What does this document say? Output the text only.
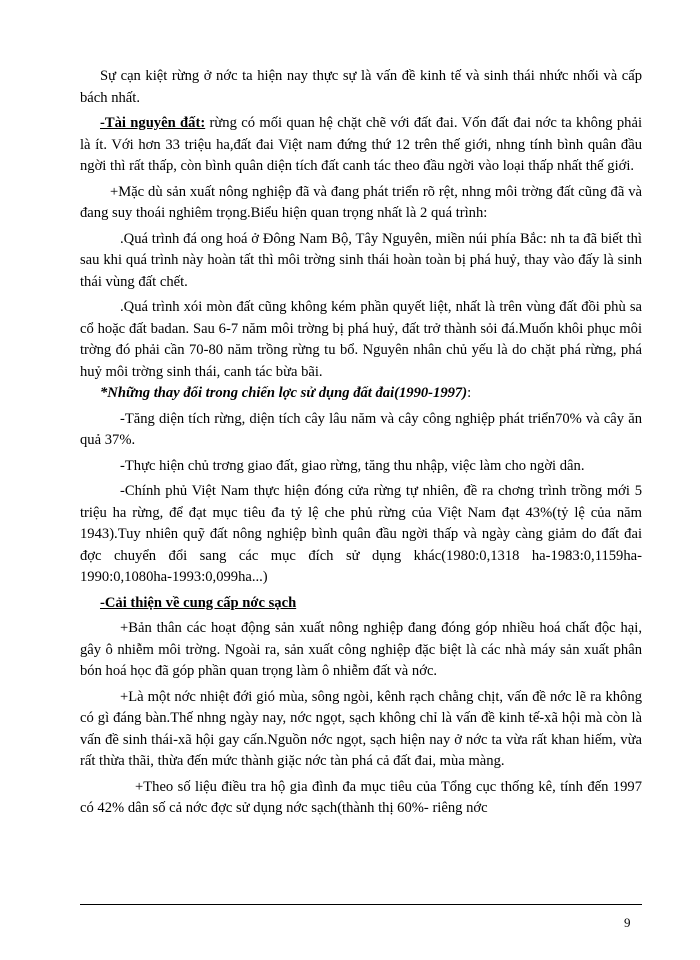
Sự cạn kiệt rừng ở nớc ta hiện nay thực sự là vấn đề kinh tế và sinh thái nhức nhối và cấp bách nhất.

-Tài nguyên đất: rừng có mối quan hệ chặt chẽ với đất đai. Vốn đất đai nớc ta không phải là ít. Với hơn 33 triệu ha,đất đai Việt nam đứng thứ 12 trên thế giới, nhng tính bình quân đầu ngời thì rất thấp, còn bình quân diện tích đất canh tác theo đầu ngời vào loại thấp nhất thế giới.

+Mặc dù sản xuất nông nghiệp đã và đang phát triển rõ rệt, nhng môi trờng đất cũng đã và đang suy thoái nghiêm trọng.Biểu hiện quan trọng nhất là 2 quá trình:

.Quá trình đá ong hoá ở Đông Nam Bộ, Tây Nguyên, miền núi phía Bắc: nh ta đã biết thì sau khi quá trình này hoàn tất thì môi trờng sinh thái hoàn toàn bị phá huỷ, thay vào đấy là sinh thái vùng đất chết.

.Quá trình xói mòn đất cũng không kém phần quyết liệt, nhất là trên vùng đất đồi phù sa cổ hoặc đất badan. Sau 6-7 năm môi trờng bị phá huỷ, đất trở thành sỏi đá.Muốn khôi phục môi trờng đó phải cần 70-80 năm trồng rừng tu bổ. Nguyên nhân chủ yếu là do chặt phá rừng, phá huỷ môi trờng sinh thái, canh tác bừa bãi.

*Những thay đổi trong chiến lợc sử dụng đất đai(1990-1997):

-Tăng diện tích rừng, diện tích cây lâu năm và cây công nghiệp phát triển70% và cây ăn quả 37%.

-Thực hiện chủ trơng giao đất, giao rừng, tăng thu nhập, việc làm cho ngời dân.

-Chính phủ Việt Nam thực hiện đóng cửa rừng tự nhiên, đề ra chơng trình trồng mới 5 triệu ha rừng, để đạt mục tiêu đa tỷ lệ che phủ rừng của Việt Nam đạt 43%(tỷ lệ của năm 1943).Tuy nhiên quỹ đất nông nghiệp bình quân đầu ngời thấp và ngày càng giảm do đất đai đợc chuyển đổi sang các mục đích sử dụng khác(1980:0,1318 ha-1983:0,1159ha-1990:0,1080ha-1993:0,099ha...)

-Cải thiện về cung cấp nớc sạch

+Bản thân các hoạt động sản xuất nông nghiệp đang đóng góp nhiều hoá chất độc hại, gây ô nhiễm môi trờng. Ngoài ra, sản xuất công nghiệp đặc biệt là các nhà máy sản xuất phân bón hoá học đã góp phần quan trọng làm ô nhiễm đất và nớc.

+Là một nớc nhiệt đới gió mùa, sông ngòi, kênh rạch chằng chịt, vấn đề nớc lẽ ra không có gì đáng bàn.Thế nhng ngày nay, nớc ngọt, sạch không chỉ là vấn đề kinh tế-xã hội mà còn là vấn đề sinh thái-xã hội gay cấn.Nguồn nớc ngọt, sạch hiện nay ở nớc ta vừa rất khan hiếm, vừa rất thừa thãi, thừa đến mức thành giặc nớc tàn phá cả đất đai, mùa màng.

+Theo số liệu điều tra hộ gia đình đa mục tiêu của Tổng cục thống kê, tính đến 1997 có 42% dân số cả nớc đợc sử dụng nớc sạch(thành thị 60%- riêng nớc

9
